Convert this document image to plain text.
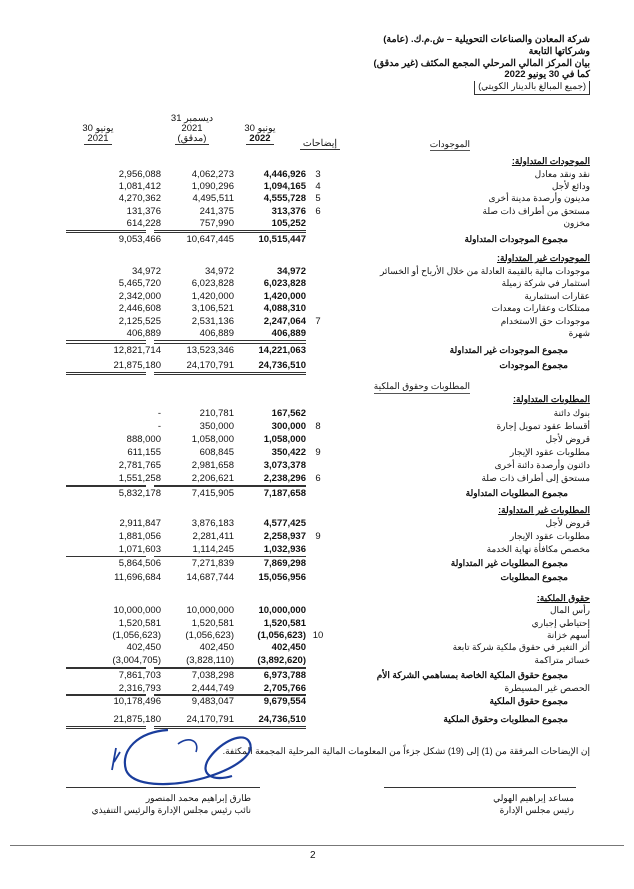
شركة المعادن والصناعات التحويلية – ش.م.ك. (عامة)
وشركاتها التابعة
بيان المركز المالي المرحلي المجمع المكثف (غير مدقق)
كما في 30 يونيو 2022
(جميع المبالغ بالدينار الكويتي)
31 ديسمبر
2021
(مدقق)
30 يونيو
2022
30 يونيو
2021	إيضاحات	الموجودات
الموجودات المتداولة:
نقد ونقد معادل
3
4,446,926
4,062,273
2,956,088
ودائع لأجل
4
1,094,165
1,090,296
1,081,412
مدينون وأرصدة مدينة أخرى
5
4,555,728
4,495,511
4,270,362
مستحق من أطراف ذات صلة
6
313,376
241,375
131,376
مخزون
105,252
757,990
614,228
مجموع الموجودات المتداولة
10,515,447
10,647,445
9,053,466
الموجودات غير المتداولة:
موجودات مالية بالقيمة العادلة من خلال الأرباح أو الخسائر
34,972
34,972
34,972
استثمار في شركة زميلة
6,023,828
6,023,828
5,465,720
عقارات استثمارية
1,420,000
1,420,000
2,342,000
ممتلكات وعقارات ومعدات
4,088,310
3,106,521
2,446,608
موجودات حق الاستخدام
7
2,247,064
2,531,136
2,125,525
شهرة
406,889
406,889
406,889
مجموع الموجودات غير المتداولة
14,221,063
13,523,346
12,821,714
مجموع الموجودات
24,736,510
24,170,791
21,875,180
المطلوبات وحقوق الملكية
المطلوبات المتداولة:
بنوك دائنة
167,562
210,781
-
أقساط عقود تمويل إجارة
8
300,000
350,000
-
قروض لأجل
1,058,000
1,058,000
888,000
مطلوبات عقود الإيجار
9
350,422
608,845
611,155
دائنون وأرصدة دائنة أخرى
3,073,378
2,981,658
2,781,765
مستحق إلى أطراف ذات صلة
6
2,238,296
2,206,621
1,551,258
مجموع المطلوبات المتداولة
7,187,658
7,415,905
5,832,178
المطلوبات غير المتداولة:
قروض لأجل
4,577,425
3,876,183
2,911,847
مطلوبات عقود الإيجار
9
2,258,937
2,281,411
1,881,056
مخصص مكافأة نهاية الخدمة
1,032,936
1,114,245
1,071,603
مجموع المطلوبات غير المتداولة
7,869,298
7,271,839
5,864,506
مجموع المطلوبات
15,056,956
14,687,744
11,696,684
حقوق الملكية:
رأس المال
10,000,000
10,000,000
10,000,000
إحتياطي إجباري
1,520,581
1,520,581
1,520,581
أسهم خزانة
10
(1,056,623)
(1,056,623)
(1,056,623)
أثر التغير في حقوق ملكية شركة تابعة
402,450
402,450
402,450
خسائر متراكمة
(3,892,620)
(3,828,110)
(3,004,705)
مجموع حقوق الملكية الخاصة بمساهمي الشركة الأم
6,973,788
7,038,298
7,861,703
الحصص غير المسيطرة
2,705,766
2,444,749
2,316,793
مجموع حقوق الملكية
9,679,554
9,483,047
10,178,496
مجموع المطلوبات وحقوق الملكية
24,736,510
24,170,791
21,875,180
إن الإيضاحات المرفقة من (1) إلى (19) تشكل جزءاً من المعلومات المالية المرحلية المجمعة المكثفة.
طارق إبراهيم محمد المنصور
نائب رئيس مجلس الإدارة والرئيس التنفيذي
مساعد إبراهيم الهولي
رئيس مجلس الإدارة
2
